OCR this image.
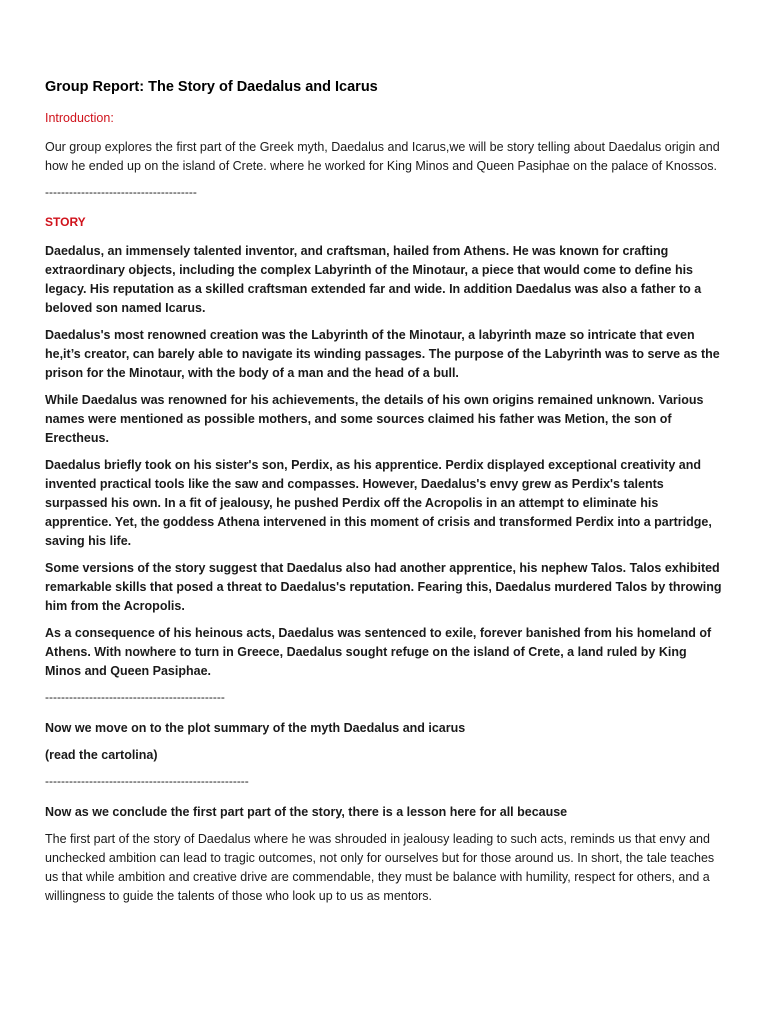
Group Report: The Story of Daedalus and Icarus
Introduction:

Our group explores the first part of the Greek myth, Daedalus and Icarus,we will be story telling about Daedalus origin and how he ended up on the island of Crete. where he worked for King Minos and Queen Pasiphae on the palace of Knossos.

--------------------------------------
STORY

Daedalus, an immensely talented inventor, and craftsman, hailed from Athens. He was known for crafting extraordinary objects, including the complex Labyrinth of the Minotaur, a piece that would come to define his legacy. His reputation as a skilled craftsman extended far and wide. In addition Daedalus was also a father to a beloved son named Icarus.

Daedalus's most renowned creation was the Labyrinth of the Minotaur, a labyrinth maze so intricate that even he,it’s creator, can barely able to navigate its winding passages. The purpose of the Labyrinth was to serve as the prison for the Minotaur, with the body of a man and the head of a bull.

While Daedalus was renowned for his achievements, the details of his own origins remained unknown. Various names were mentioned as possible mothers, and some sources claimed his father was Metion, the son of Erectheus.

Daedalus briefly took on his sister's son, Perdix, as his apprentice. Perdix displayed exceptional creativity and invented practical tools like the saw and compasses. However, Daedalus's envy grew as Perdix's talents surpassed his own. In a fit of jealousy, he pushed Perdix off the Acropolis in an attempt to eliminate his apprentice. Yet, the goddess Athena intervened in this moment of crisis and transformed Perdix into a partridge, saving his life.

Some versions of the story suggest that Daedalus also had another apprentice, his nephew Talos. Talos exhibited remarkable skills that posed a threat to Daedalus's reputation. Fearing this, Daedalus murdered Talos by throwing him from the Acropolis.

As a consequence of his heinous acts, Daedalus was sentenced to exile, forever banished from his homeland of Athens. With nowhere to turn in Greece, Daedalus sought refuge on the island of Crete, a land ruled by King Minos and Queen Pasiphae.

---------------------------------------------

Now we move on to the plot summary of the myth Daedalus and icarus

(read the cartolina)

---------------------------------------------------

Now as we conclude the first part part of the story, there is a lesson here for all because

The first part of the story of Daedalus where he was shrouded in jealousy leading to such acts, reminds us that envy and unchecked ambition can lead to tragic outcomes, not only for ourselves but for those around us. In short, the tale teaches us that while ambition and creative drive are commendable, they must be balance with humility, respect for others, and a willingness to guide the talents of those who look up to us as mentors.
